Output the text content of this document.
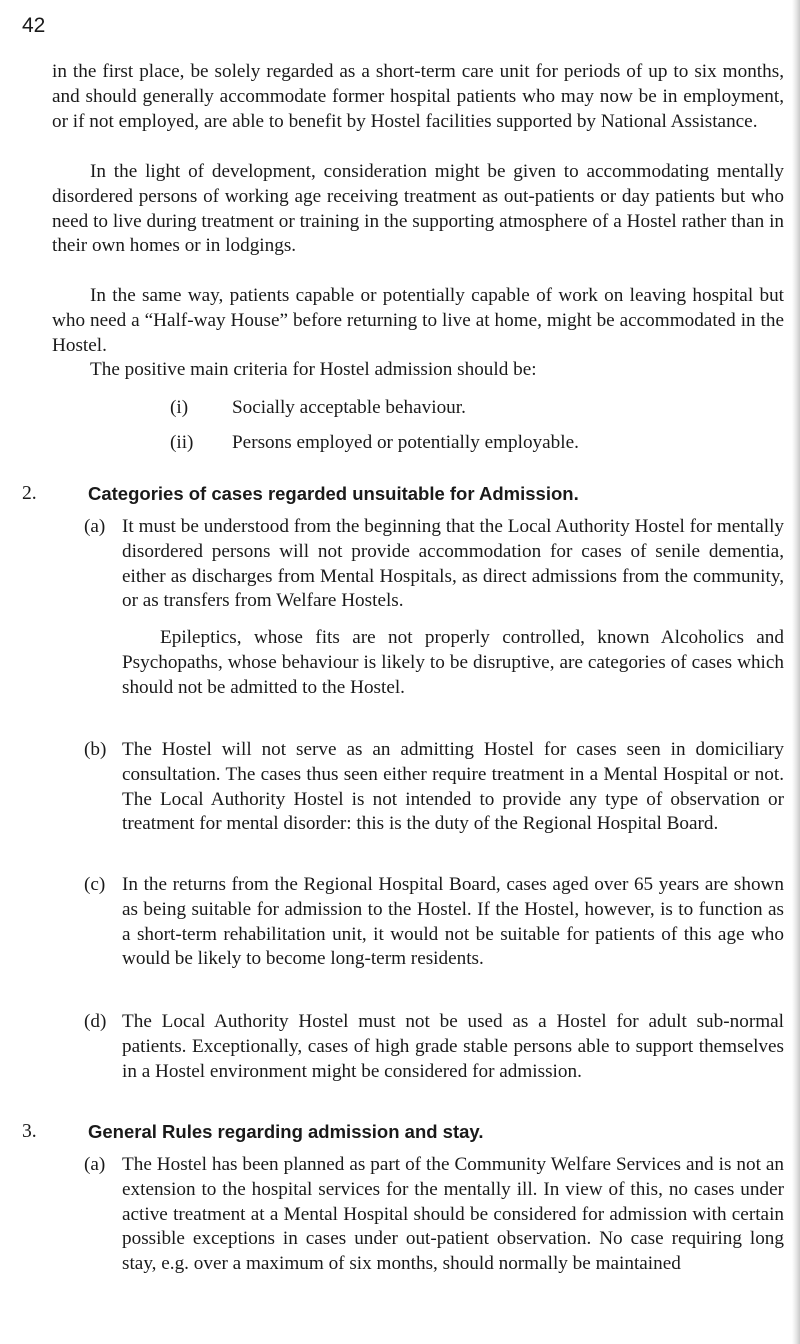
42

in the first place, be solely regarded as a short-term care unit for periods of up to six months, and should generally accommodate former hospital patients who may now be in employment, or if not employed, are able to benefit by Hostel facilities supported by National Assistance.

In the light of development, consideration might be given to accommodating mentally disordered persons of working age receiving treatment as out-patients or day patients but who need to live during treatment or training in the supporting atmosphere of a Hostel rather than in their own homes or in lodgings.

In the same way, patients capable or potentially capable of work on leaving hospital but who need a “Half-way House” before returning to live at home, might be accommodated in the Hostel.

The positive main criteria for Hostel admission should be:

(i) Socially acceptable behaviour.
(ii) Persons employed or potentially employable.
2.	Categories of cases regarded unsuitable for Admission.
(a) It must be understood from the beginning that the Local Authority Hostel for mentally disordered persons will not provide accommodation for cases of senile dementia, either as discharges from Mental Hospitals, as direct admissions from the community, or as transfers from Welfare Hostels.
Epileptics, whose fits are not properly controlled, known Alcoholics and Psychopaths, whose behaviour is likely to be disruptive, are categories of cases which should not be admitted to the Hostel.
(b) The Hostel will not serve as an admitting Hostel for cases seen in domiciliary consultation. The cases thus seen either require treatment in a Mental Hospital or not. The Local Authority Hostel is not intended to provide any type of observation or treatment for mental disorder: this is the duty of the Regional Hospital Board.
(c) In the returns from the Regional Hospital Board, cases aged over 65 years are shown as being suitable for admission to the Hostel. If the Hostel, however, is to function as a short-term rehabilitation unit, it would not be suitable for patients of this age who would be likely to become long-term residents.
(d) The Local Authority Hostel must not be used as a Hostel for adult sub-normal patients. Exceptionally, cases of high grade stable persons able to support themselves in a Hostel environment might be considered for admission.
3.	General Rules regarding admission and stay.
(a) The Hostel has been planned as part of the Community Welfare Services and is not an extension to the hospital services for the mentally ill. In view of this, no cases under active treatment at a Mental Hospital should be considered for admission with certain possible exceptions in cases under out-patient observation. No case requiring long stay, e.g. over a maximum of six months, should normally be maintained
